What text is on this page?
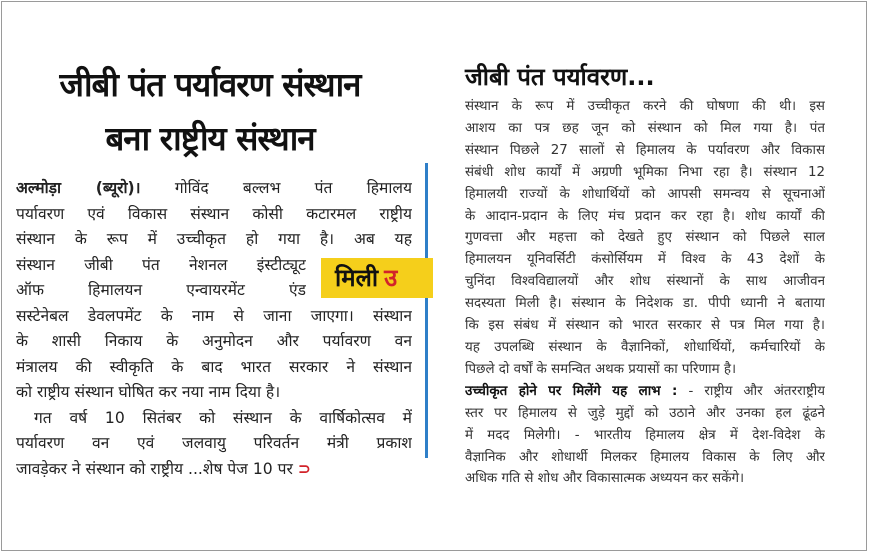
जीबी पंत पर्यावरण संस्थान
बना राष्ट्रीय संस्थान
अल्मोड़ा (ब्यूरो)। गोविंद बल्लभ पंत हिमालय
पर्यावरण एवं विकास संस्थान कोसी कटारमल राष्ट्रीय
संस्थान के रूप में उच्चीकृत हो गया है। अब यह
संस्थान जीबी पंत नेशनल इंस्टीट्यूट
ऑफ हिमालयन एन्वायरमेंट एंड
सस्टेनेबल डेवलपमेंट के नाम से जाना जाएगा। संस्थान
के शासी निकाय के अनुमोदन और पर्यावरण वन
मंत्रालय की स्वीकृति के बाद भारत सरकार ने संस्थान
को राष्ट्रीय संस्थान घोषित कर नया नाम दिया है।
गत वर्ष 10 सितंबर को संस्थान के वार्षिकोत्सव में
पर्यावरण वन एवं जलवायु परिवर्तन मंत्री प्रकाश
जावड़ेकर ने संस्थान को राष्ट्रीय ...शेष पेज 10 पर ⊃
मिली उ
जीबी पंत पर्यावरण...
संस्थान के रूप में उच्चीकृत करने की घोषणा की थी। इस
आशय का पत्र छह जून को संस्थान को मिल गया है। पंत
संस्थान पिछले 27 सालों से हिमालय के पर्यावरण और विकास
संबंधी शोध कार्यों में अग्रणी भूमिका निभा रहा है। संस्थान 12
हिमालयी राज्यों के शोधार्थियों को आपसी समन्वय से सूचनाओं
के आदान-प्रदान के लिए मंच प्रदान कर रहा है। शोध कार्यों की
गुणवत्ता और महत्ता को देखते हुए संस्थान को पिछले साल
हिमालयन यूनिवर्सिटी कंसोर्सियम में विश्व के 43 देशों के
चुनिंदा विश्वविद्यालयों और शोध संस्थानों के साथ आजीवन
सदस्यता मिली है। संस्थान के निदेशक डा. पीपी ध्यानी ने बताया
कि इस संबंध में संस्थान को भारत सरकार से पत्र मिल गया है।
यह उपलब्धि संस्थान के वैज्ञानिकों, शोधार्थियों, कर्मचारियों के
पिछले दो वर्षों के समन्वित अथक प्रयासों का परिणाम है।
उच्चीकृत होने पर मिलेंगे यह लाभ : - राष्ट्रीय और अंतरराष्ट्रीय
स्तर पर हिमालय से जुड़े मुद्दों को उठाने और उनका हल ढूंढने
में मदद मिलेगी। - भारतीय हिमालय क्षेत्र में देश-विदेश के
वैज्ञानिक और शोधार्थी मिलकर हिमालय विकास के लिए और
अधिक गति से शोध और विकासात्मक अध्ययन कर सकेंगे।
